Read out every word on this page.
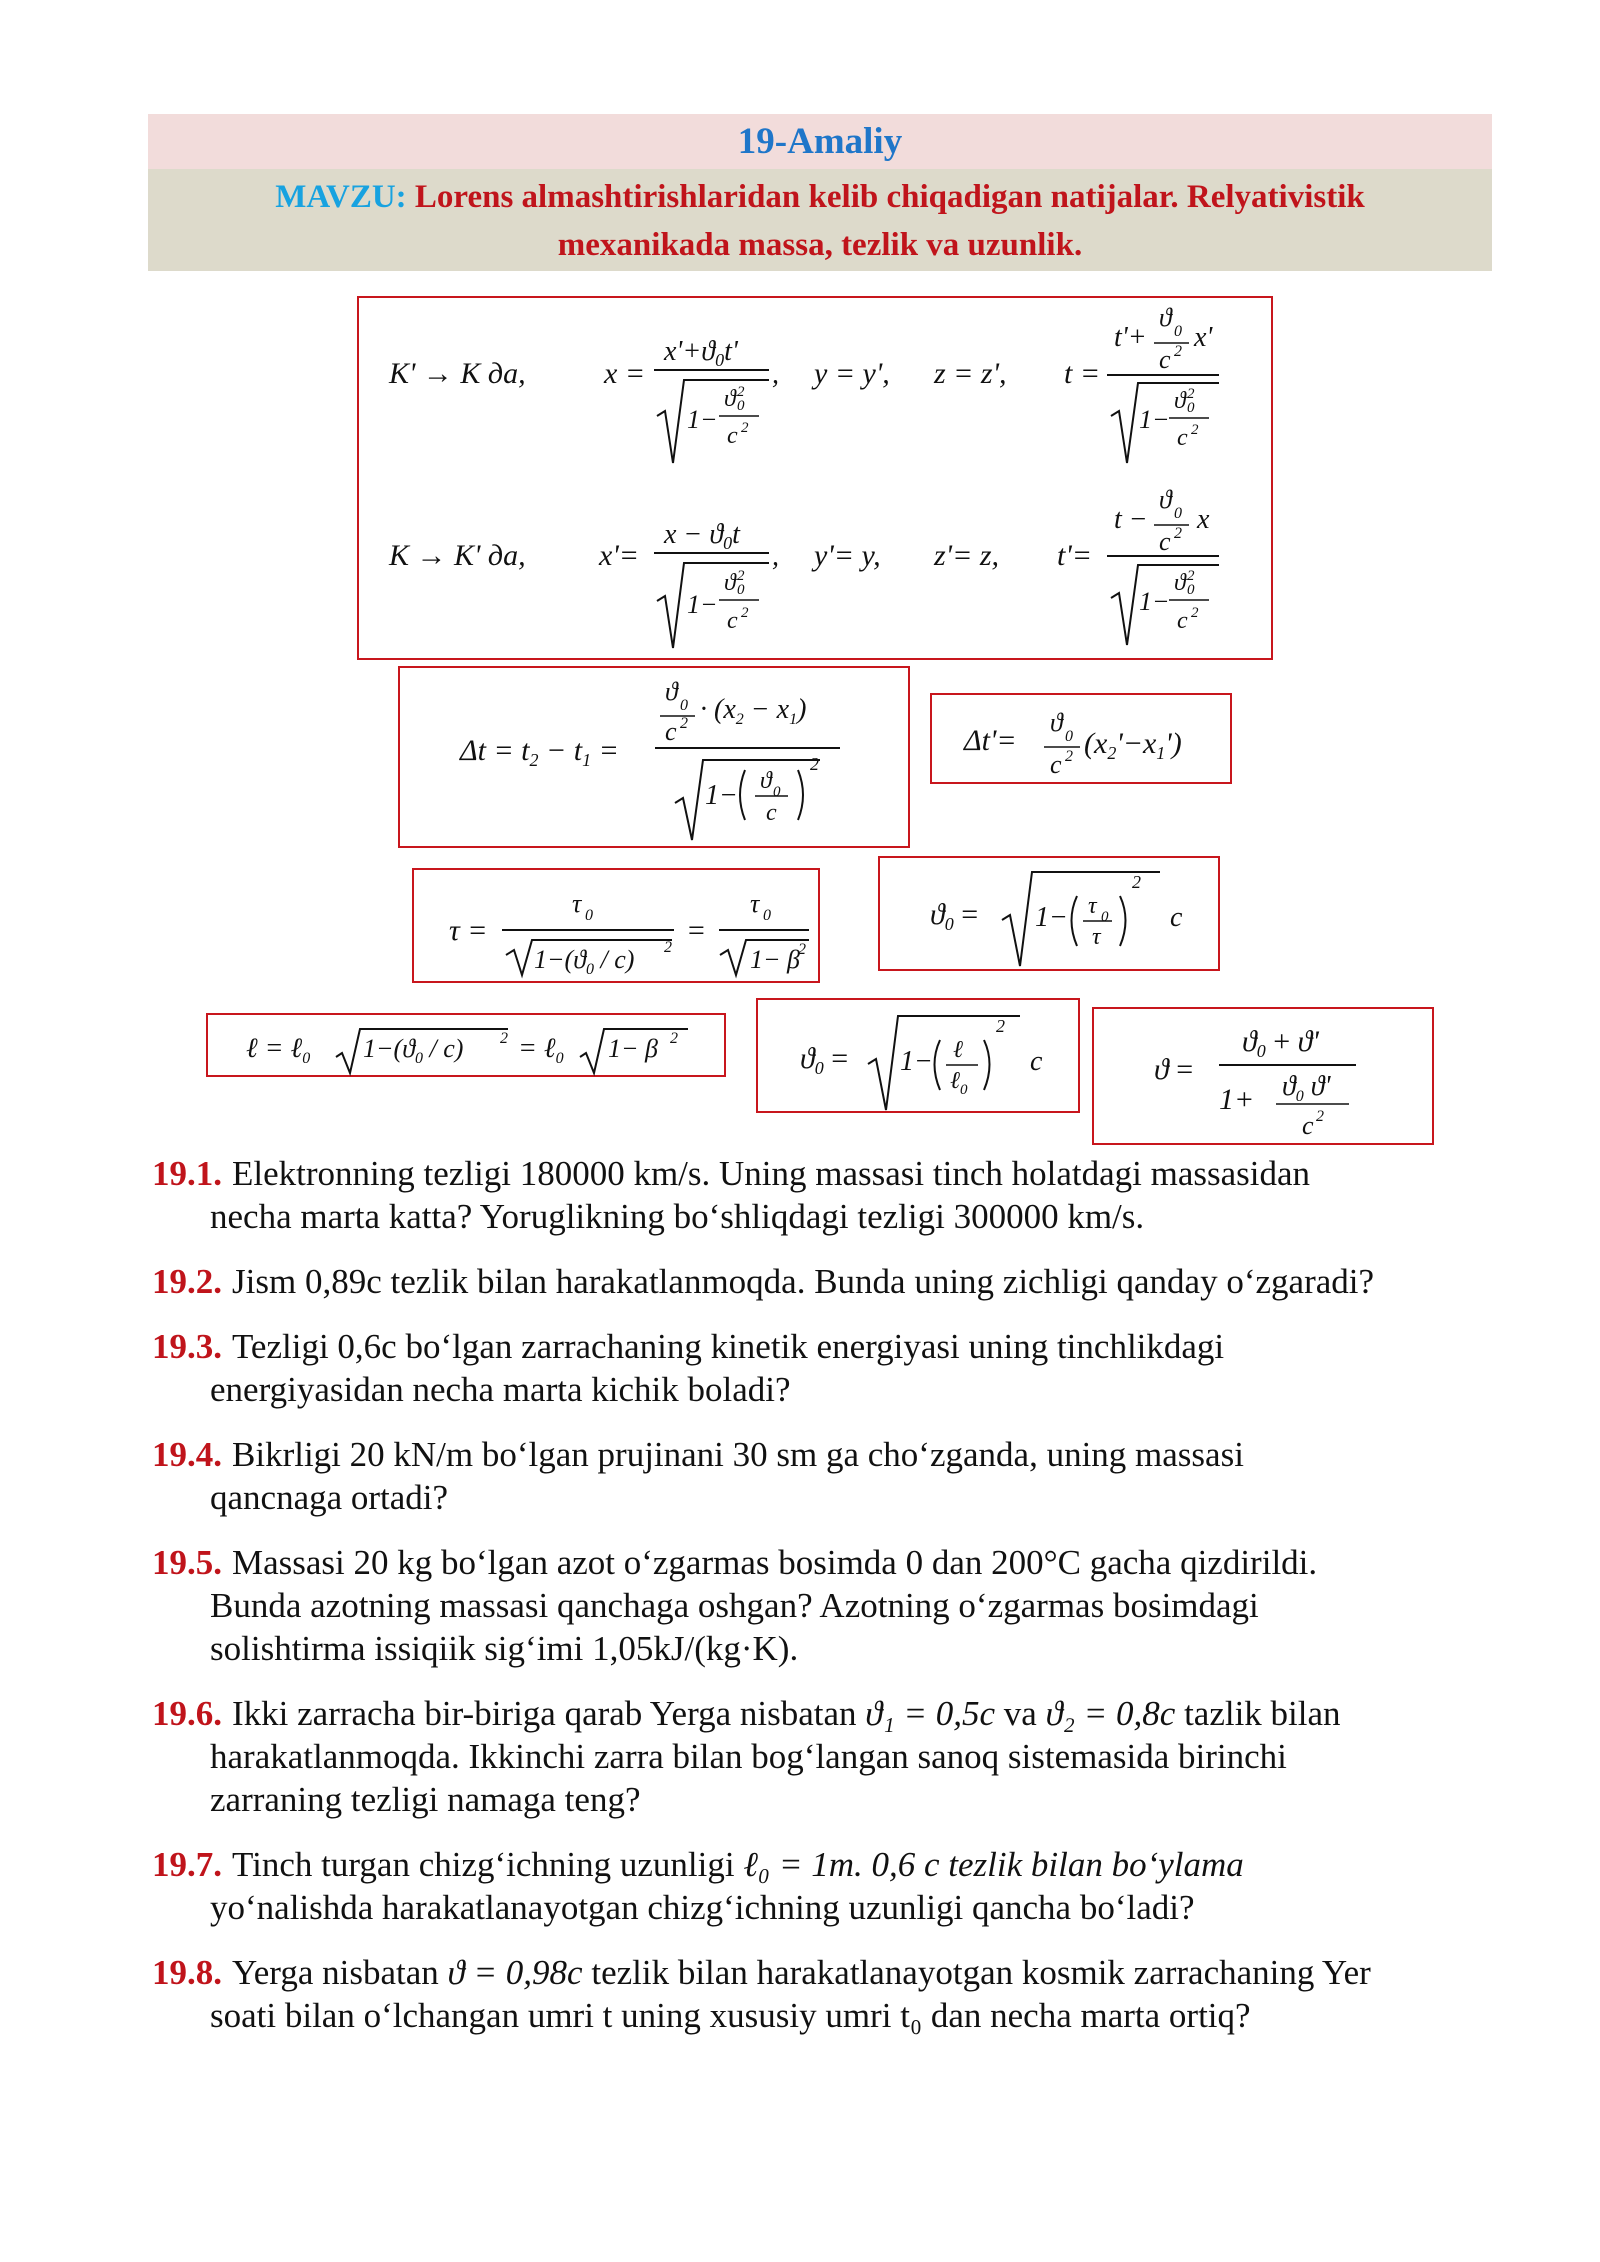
19-Amaliy
MAVZU: Lorens almashtirishlaridan kelib chiqadigan natijalar. Relyativistik
mexanikada massa, tezlik va uzunlik.
K' → K да,	x =
$x'+ϑ_0t'$
1−
ϑ 2
0
c 2
, y = y', z = z', t =
t'+
ϑ 0
c 2 x'
1−
ϑ 2
0
c 2
K → K' да, x'=
$x - ϑ_0t$
1−
ϑ 2
0
c 2
, y'= y, z'= z, t'=
t −
ϑ 0
c 2 x
1−
ϑ 2
0
c 2
$\Delta t = t_2 - t_1$ =
ϑ 0
c $2 \cdot (x_2 - x_1)$
1− ϑ 0
c
2
Δt'=
ϑ 0
c 2 $(x_2'-x_1')$
τ =
τ 0
$1-(ϑ_0 / c)$ 2
=
τ 0
1− β
2
$ϑ_0 = 1- \tau$ 0
τ
2
c
ℓ = ℓ$_0$ $1-(ϑ_0 / c) 2$ = ℓ$_0$ 1− β 2
$ϑ_0 = 1-$ ℓ
ℓ$_0$
2
c	ϑ =
$ϑ_0 + ϑ'$
$1+ ϑ_0$ ϑ'
c 2
19.1. Elektronning tezligi 180000 km/s. Uning massasi tinch holatdagi massasidan
necha marta katta? Yoruglikning bo‘shliqdagi tezligi 300000 km/s.
19.2. Jism 0,89c tezlik bilan harakatlanmoqda. Bunda uning zichligi qanday o‘zgaradi?
19.3. Tezligi 0,6c bo‘lgan zarrachaning kinetik energiyasi uning tinchlikdagi
energiyasidan necha marta kichik boladi?
19.4. Bikrligi 20 kN/m bo‘lgan prujinani 30 sm ga cho‘zganda, uning massasi
qancnaga ortadi?
19.5. Massasi 20 kg bo‘lgan azot o‘zgarmas bosimda 0 dan 200°C gacha qizdirildi.
Bunda azotning massasi qanchaga oshgan? Azotning o‘zgarmas bosimdagi
solishtirma issiqiik sig‘imi 1,05kJ/(kg·K).
19.6. Ikki zarracha bir-biriga qarab Yerga nisbatan ϑ₁ = 0,5c va ϑ₂ = 0,8c tazlik bilan
harakatlanmoqda. Ikkinchi zarra bilan bog‘langan sanoq sistemasida birinchi
zarraning tezligi namaga teng?
19.7. Tinch turgan chizg‘ichning uzunligi ℓ₀ = 1m. 0,6 c tezlik bilan bo‘ylama
yo‘nalishda harakatlanayotgan chizg‘ichning uzunligi qancha bo‘ladi?
19.8. Yerga nisbatan ϑ = 0,98c tezlik bilan harakatlanayotgan kosmik zarrachaning Yer
soati bilan o‘lchangan umri t uning xususiy umri t₀ dan necha marta ortiq?
